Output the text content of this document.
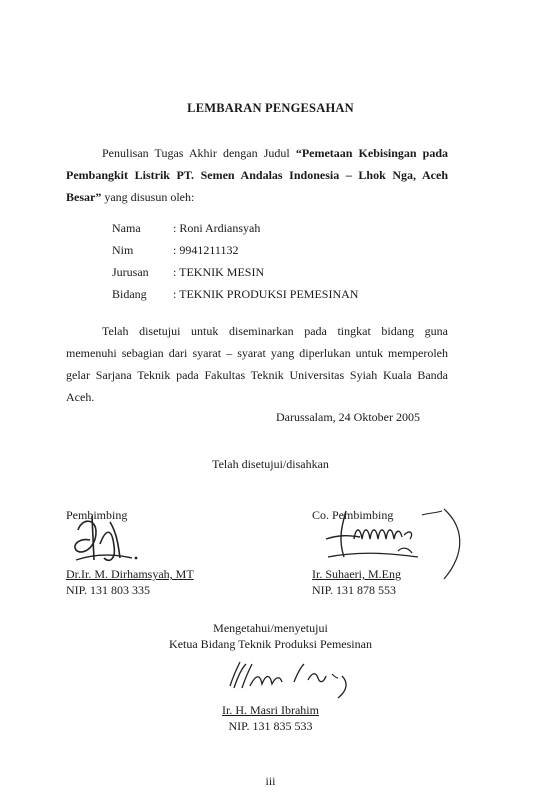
LEMBARAN PENGESAHAN
Penulisan Tugas Akhir dengan Judul “Pemetaan Kebisingan pada Pembangkit Listrik PT. Semen Andalas Indonesia – Lhok Nga, Aceh Besar” yang disusun oleh:
Nama	: Roni Ardiansyah
Nim	: 9941211132
Jurusan	: TEKNIK MESIN
Bidang	: TEKNIK PRODUKSI PEMESINAN
Telah disetujui untuk diseminarkan pada tingkat bidang guna memenuhi sebagian dari syarat – syarat yang diperlukan untuk memperoleh gelar Sarjana Teknik pada Fakultas Teknik Universitas Syiah Kuala Banda Aceh.
Darussalam, 24 Oktober 2005
Telah disetujui/disahkan
Pembimbing
Dr.Ir. M. Dirhamsyah, MT
NIP. 131 803 335
Co. Pembimbing
Ir. Suhaeri, M.Eng
NIP. 131 878 553
Mengetahui/menyetujui
Ketua Bidang Teknik Produksi Pemesinan
Ir. H. Masri Ibrahim
NIP. 131 835 533
iii
